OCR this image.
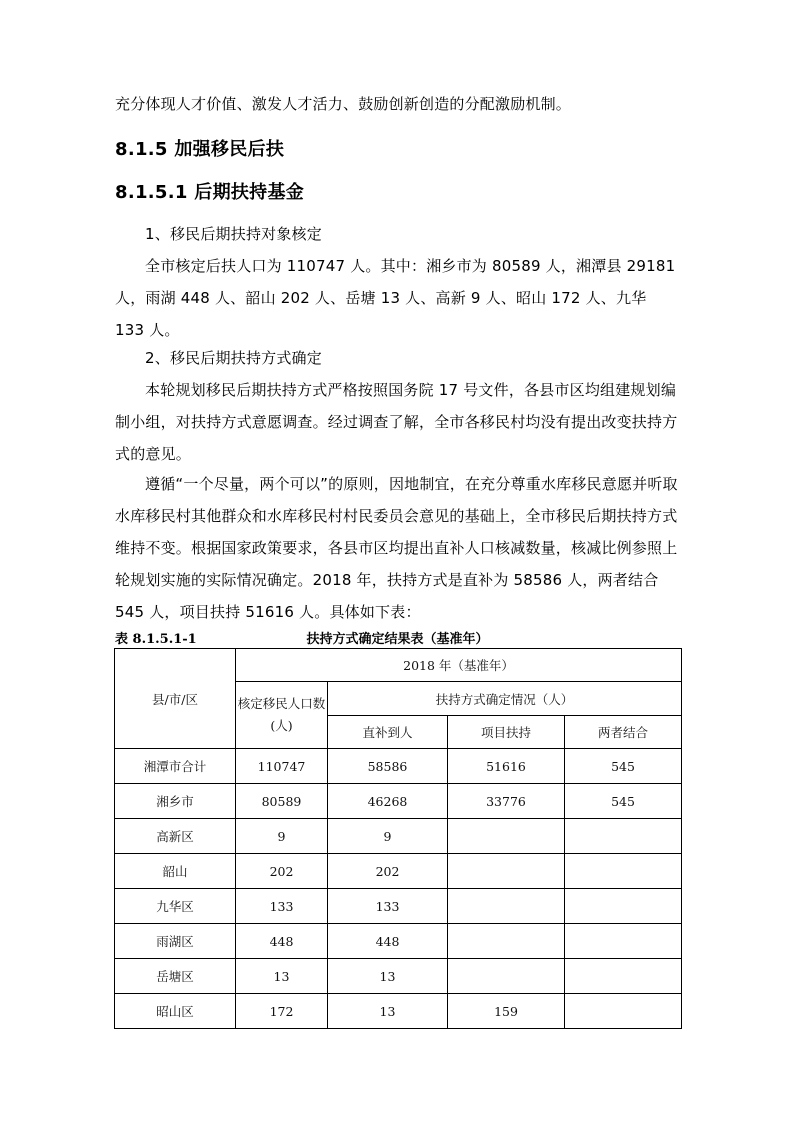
充分体现人才价值、激发人才活力、鼓励创新创造的分配激励机制。

8.1.5 加强移民后扶
8.1.5.1 后期扶持基金

1、移民后期扶持对象核定

全市核定后扶人口为 110747 人。其中：湘乡市为 80589 人，湘潭县 29181 人，雨湖 448 人、韶山 202 人、岳塘 13 人、高新 9 人、昭山 172 人、九华 133 人。

2、移民后期扶持方式确定

本轮规划移民后期扶持方式严格按照国务院 17 号文件，各县市区均组建规划编制小组，对扶持方式意愿调查。经过调查了解，全市各移民村均没有提出改变扶持方式的意见。

遵循“一个尽量，两个可以”的原则，因地制宜，在充分尊重水库移民意愿并听取水库移民村其他群众和水库移民村村民委员会意见的基础上，全市移民后期扶持方式维持不变。根据国家政策要求，各县市区均提出直补人口核减数量，核减比例参照上轮规划实施的实际情况确定。2018 年，扶持方式是直补为 58586 人，两者结合 545 人，项目扶持 51616 人。具体如下表：

表 8.1.5.1-1	扶持方式确定结果表（基准年）
县/市/区	2018 年（基准年）			
	核定移民人口数(人)	扶持方式确定情况（人）		
		直补到人	项目扶持	两者结合
湘潭市合计	110747	58586	51616	545
湘乡市	80589	46268	33776	545
高新区	9	9		
韶山	202	202		
九华区	133	133		
雨湖区	448	448		
岳塘区	13	13		
昭山区	172	13	159	
